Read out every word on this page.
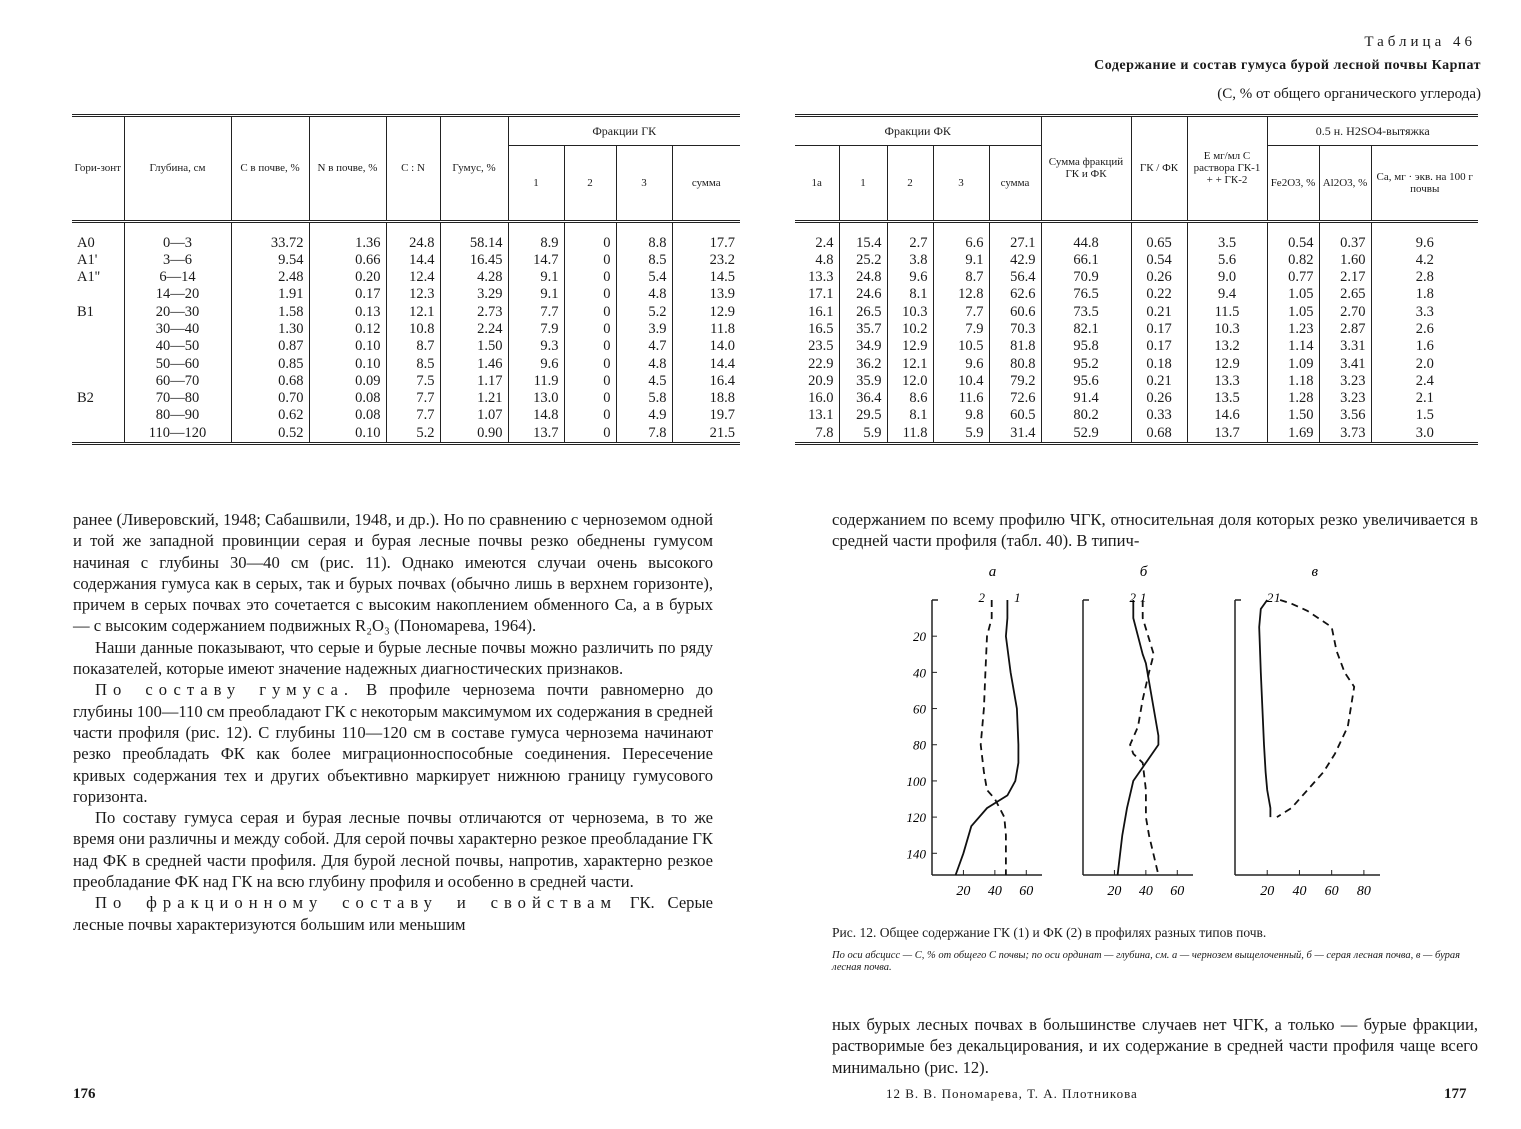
Таблица 46
Содержание и состав гумуса бурой лесной почвы Карпат
(С, % от общего органического углерода)
Гори-зонт	Глубина, см	С в почве, %	N в почве, %	C : N	Гумус, %	Фракции ГК			
						1	2	3	сумма

A0	0—3	33.72	1.36	24.8	58.14	8.9	0	8.8	17.7
A1'	3—6	9.54	0.66	14.4	16.45	14.7	0	8.5	23.2
A1''	6—14	2.48	0.20	12.4	4.28	9.1	0	5.4	14.5
	14—20	1.91	0.17	12.3	3.29	9.1	0	4.8	13.9
B1	20—30	1.58	0.13	12.1	2.73	7.7	0	5.2	12.9
	30—40	1.30	0.12	10.8	2.24	7.9	0	3.9	11.8
	40—50	0.87	0.10	8.7	1.50	9.3	0	4.7	14.0
	50—60	0.85	0.10	8.5	1.46	9.6	0	4.8	14.4
	60—70	0.68	0.09	7.5	1.17	11.9	0	4.5	16.4
B2	70—80	0.70	0.08	7.7	1.21	13.0	0	5.8	18.8
	80—90	0.62	0.08	7.7	1.07	14.8	0	4.9	19.7
	110—120	0.52	0.10	5.2	0.90	13.7	0	7.8	21.5
Фракции ФК					Сумма фракций ГК и ФК	ГК / ФК	E мг/мл C раствора ГК-1 + + ГК-2	0.5 н. H2SO4-вытяжка		
1а	1	2	3	сумма				Fe2O3, %	Al2O3, %	Са, мг · экв. на 100 г почвы

2.4	15.4	2.7	6.6	27.1	44.8	0.65	3.5	0.54	0.37	9.6
4.8	25.2	3.8	9.1	42.9	66.1	0.54	5.6	0.82	1.60	4.2
13.3	24.8	9.6	8.7	56.4	70.9	0.26	9.0	0.77	2.17	2.8
17.1	24.6	8.1	12.8	62.6	76.5	0.22	9.4	1.05	2.65	1.8
16.1	26.5	10.3	7.7	60.6	73.5	0.21	11.5	1.05	2.70	3.3
16.5	35.7	10.2	7.9	70.3	82.1	0.17	10.3	1.23	2.87	2.6
23.5	34.9	12.9	10.5	81.8	95.8	0.17	13.2	1.14	3.31	1.6
22.9	36.2	12.1	9.6	80.8	95.2	0.18	12.9	1.09	3.41	2.0
20.9	35.9	12.0	10.4	79.2	95.6	0.21	13.3	1.18	3.23	2.4
16.0	36.4	8.6	11.6	72.6	91.4	0.26	13.5	1.28	3.23	2.1
13.1	29.5	8.1	9.8	60.5	80.2	0.33	14.6	1.50	3.56	1.5
7.8	5.9	11.8	5.9	31.4	52.9	0.68	13.7	1.69	3.73	3.0

ранее (Ливеровский, 1948; Сабашвили, 1948, и др.). Но по сравнению с черноземом одной и той же западной провинции серая и бурая лесные почвы резко обеднены гумусом начиная с глубины 30—40 см (рис. 11). Однако имеются случаи очень высокого содержания гумуса как в серых, так и бурых почвах (обычно лишь в верхнем горизонте), причем в серых почвах это сочетается с высоким накоплением обменного Са, а в бурых — с высоким содержанием подвижных R₂O₃ (Пономарева, 1964).

Наши данные показывают, что серые и бурые лесные почвы можно различить по ряду показателей, которые имеют значение надежных диагностических признаков.

По составу гумуса. В профиле чернозема почти равномерно до глубины 100—110 см преобладают ГК с некоторым максимумом их содержания в средней части профиля (рис. 12). С глубины 110—120 см в составе гумуса чернозема начинают резко преобладать ФК как более миграционноспособные соединения. Пересечение кривых содержания тех и других объективно маркирует нижнюю границу гумусового горизонта.

По составу гумуса серая и бурая лесные почвы отличаются от чернозема, в то же время они различны и между собой. Для серой почвы характерно резкое преобладание ГК над ФК в средней части профиля. Для бурой лесной почвы, напротив, характерно резкое преобладание ФК над ГК на всю глубину профиля и особенно в средней части.

По фракционному составу и свойствам ГК. Серые лесные почвы характеризуются большим или меньшим

176

содержанием по всему профилю ЧГК, относительная доля которых резко увеличивается в средней части профиля (табл. 40). В типич-

а
20 40 60
20
40
60
80
100
120
140
1
2
б
20 40 60
1
2
в
20 40 60 80
1
2
Рис. 12. Общее содержание ГК (1) и ФК (2) в профилях разных типов почв.
По оси абсцисс — С, % от общего С почвы; по оси ординат — глубина, см. а — чернозем выщелоченный, б — серая лесная почва, в — бурая лесная почва.

ных бурых лесных почвах в большинстве случаев нет ЧГК, а только — бурые фракции, растворимые без декальцирования, и их содержание в средней части профиля чаще всего минимально (рис. 12).

12 В. В. Пономарева, Т. А. Плотникова	177
